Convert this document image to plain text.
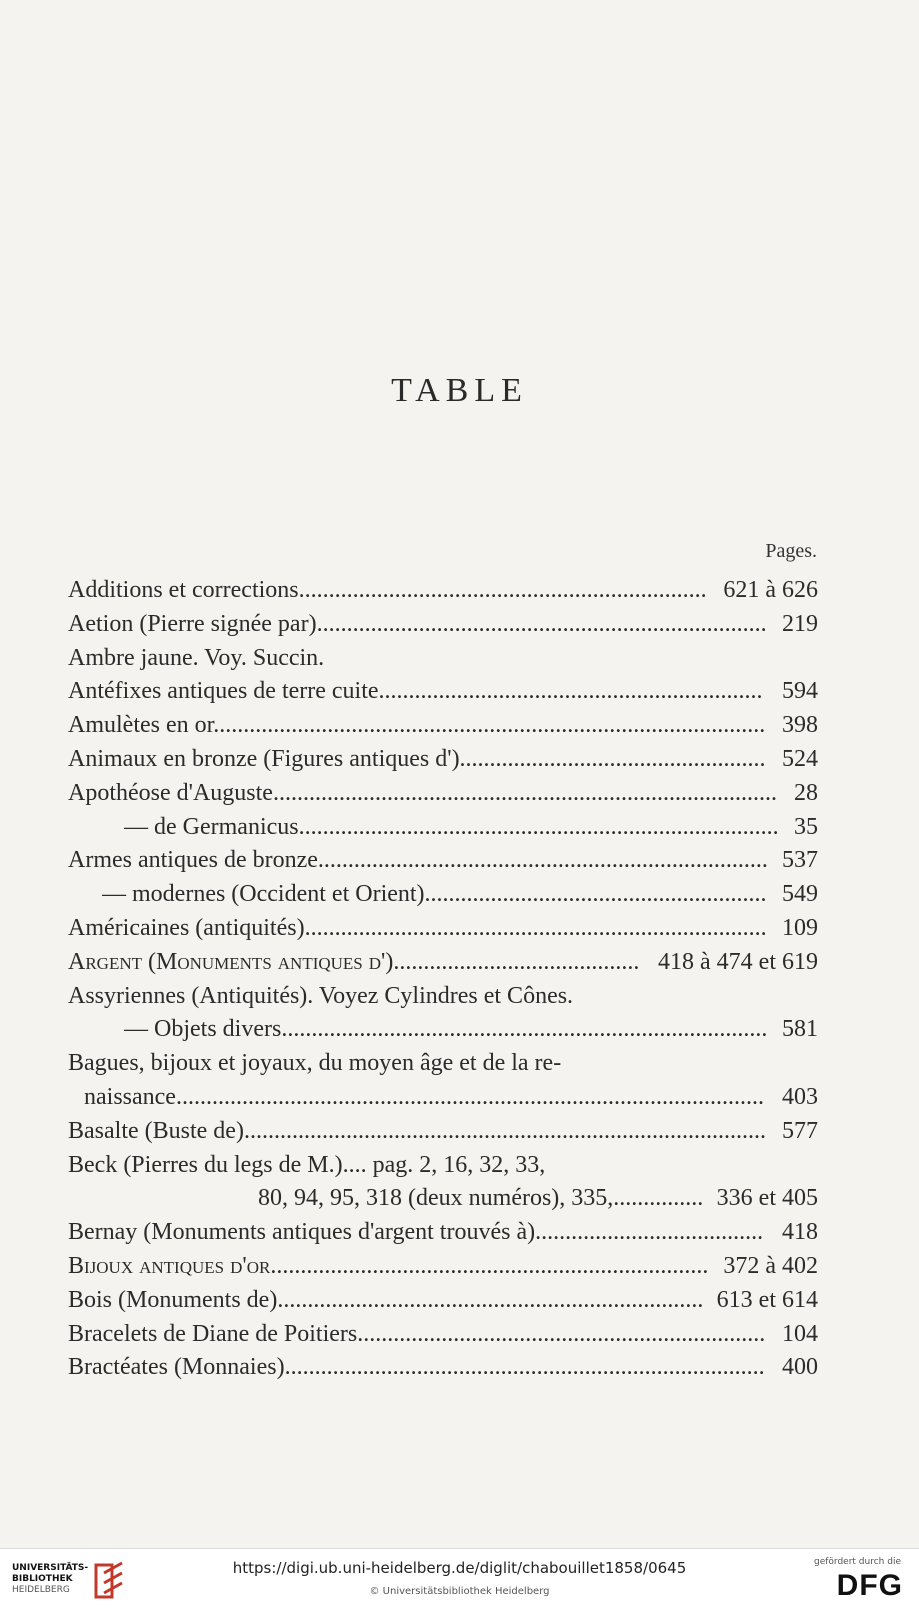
TABLE
Pages.
Additions et corrections.................................................................... 621 à 626
Aetion (Pierre signée par)........................................................................... 219
Ambre jaune. Voy. Succin.
Antéfixes antiques de terre cuite................................................................ 594
Amulètes en or............................................................................................ 398
Animaux en bronze (Figures antiques d')................................................... 524
Apothéose d'Auguste.................................................................................... 28
— de Germanicus................................................................................ 35
Armes antiques de bronze........................................................................... 537
— modernes (Occident et Orient)......................................................... 549
Américaines (antiquités)............................................................................. 109
Argent (Monuments antiques d')......................................... 418 à 474 et 619
Assyriennes (Antiquités). Voyez Cylindres et Cônes.
— Objets divers................................................................................. 581
Bagues, bijoux et joyaux, du moyen âge et de la re-
naissance.................................................................................................. 403
Basalte (Buste de)....................................................................................... 577
Beck (Pierres du legs de M.).... pag. 2, 16, 32, 33,
80, 94, 95, 318 (deux numéros), 335,............... 336 et 405
Bernay (Monuments antiques d'argent trouvés à)...................................... 418
Bijoux antiques d'or......................................................................... 372 à 402
Bois (Monuments de)....................................................................... 613 et 614
Bracelets de Diane de Poitiers.................................................................... 104
Bractéates (Monnaies)................................................................................ 400
UNIVERSITÄTS-
BIBLIOTHEK
HEIDELBERG
https://digi.ub.uni-heidelberg.de/diglit/chabouillet1858/0645
© Universitätsbibliothek Heidelberg
gefördert durch die
DFG
